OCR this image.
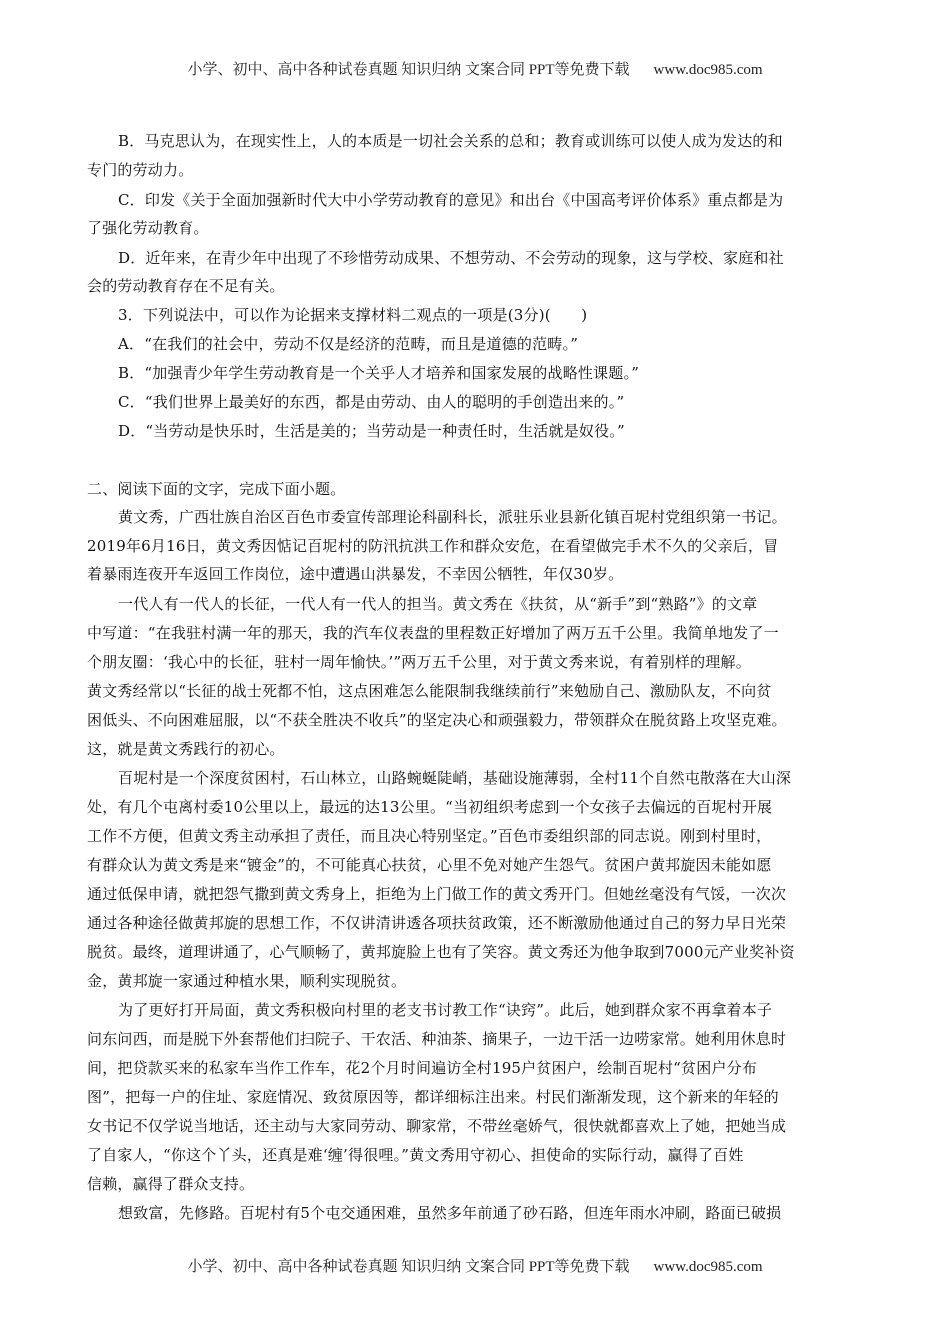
小学、初中、高中各种试卷真题 知识归纳 文案合同 PPT等免费下载 www.doc985.com
B．马克思认为，在现实性上，人的本质是一切社会关系的总和；教育或训练可以使人成为发达的和
专门的劳动力。
C．印发《关于全面加强新时代大中小学劳动教育的意见》和出台《中国高考评价体系》重点都是为
了强化劳动教育。
D．近年来，在青少年中出现了不珍惜劳动成果、不想劳动、不会劳动的现象，这与学校、家庭和社
会的劳动教育存在不足有关。
3．下列说法中，可以作为论据来支撑材料二观点的一项是(3分)(　　)
A．“在我们的社会中，劳动不仅是经济的范畴，而且是道德的范畴。”
B．“加强青少年学生劳动教育是一个关乎人才培养和国家发展的战略性课题。”
C．“我们世界上最美好的东西，都是由劳动、由人的聪明的手创造出来的。”
D．“当劳动是快乐时，生活是美的；当劳动是一种责任时，生活就是奴役。”
二、阅读下面的文字，完成下面小题。
黄文秀，广西壮族自治区百色市委宣传部理论科副科长，派驻乐业县新化镇百坭村党组织第一书记。
2019年6月16日，黄文秀因惦记百坭村的防汛抗洪工作和群众安危，在看望做完手术不久的父亲后，冒
着暴雨连夜开车返回工作岗位，途中遭遇山洪暴发，不幸因公牺牲，年仅30岁。
一代人有一代人的长征，一代人有一代人的担当。黄文秀在《扶贫，从“新手”到“熟路”》的文章
中写道：“在我驻村满一年的那天，我的汽车仪表盘的里程数正好增加了两万五千公里。我简单地发了一
个朋友圈：‘我心中的长征，驻村一周年愉快。’”两万五千公里，对于黄文秀来说，有着别样的理解。
黄文秀经常以“长征的战士死都不怕，这点困难怎么能限制我继续前行”来勉励自己、激励队友，不向贫
困低头、不向困难屈服，以“不获全胜决不收兵”的坚定决心和顽强毅力，带领群众在脱贫路上攻坚克难。
这，就是黄文秀践行的初心。
百坭村是一个深度贫困村，石山林立，山路蜿蜒陡峭，基础设施薄弱，全村11个自然屯散落在大山深
处，有几个屯离村委10公里以上，最远的达13公里。“当初组织考虑到一个女孩子去偏远的百坭村开展
工作不方便，但黄文秀主动承担了责任，而且决心特别坚定。”百色市委组织部的同志说。刚到村里时，
有群众认为黄文秀是来“镀金”的，不可能真心扶贫，心里不免对她产生怨气。贫困户黄邦旋因未能如愿
通过低保申请，就把怨气撒到黄文秀身上，拒绝为上门做工作的黄文秀开门。但她丝毫没有气馁，一次次
通过各种途径做黄邦旋的思想工作，不仅讲清讲透各项扶贫政策，还不断激励他通过自己的努力早日光荣
脱贫。最终，道理讲通了，心气顺畅了，黄邦旋脸上也有了笑容。黄文秀还为他争取到7000元产业奖补资
金，黄邦旋一家通过种植水果，顺利实现脱贫。
为了更好打开局面，黄文秀积极向村里的老支书讨教工作“诀窍”。此后，她到群众家不再拿着本子
问东问西，而是脱下外套帮他们扫院子、干农活、种油茶、摘果子，一边干活一边唠家常。她利用休息时
间，把贷款买来的私家车当作工作车，花2个月时间遍访全村195户贫困户，绘制百坭村“贫困户分布
图”，把每一户的住址、家庭情况、致贫原因等，都详细标注出来。村民们渐渐发现，这个新来的年轻的
女书记不仅学说当地话，还主动与大家同劳动、聊家常，不带丝毫娇气，很快就都喜欢上了她，把她当成
了自家人，“你这个丫头，还真是难‘缠’得很哩。”黄文秀用守初心、担使命的实际行动，赢得了百姓
信赖，赢得了群众支持。
想致富，先修路。百坭村有5个屯交通困难，虽然多年前通了砂石路，但连年雨水冲刷，路面已破损
小学、初中、高中各种试卷真题 知识归纳 文案合同 PPT等免费下载 www.doc985.com
